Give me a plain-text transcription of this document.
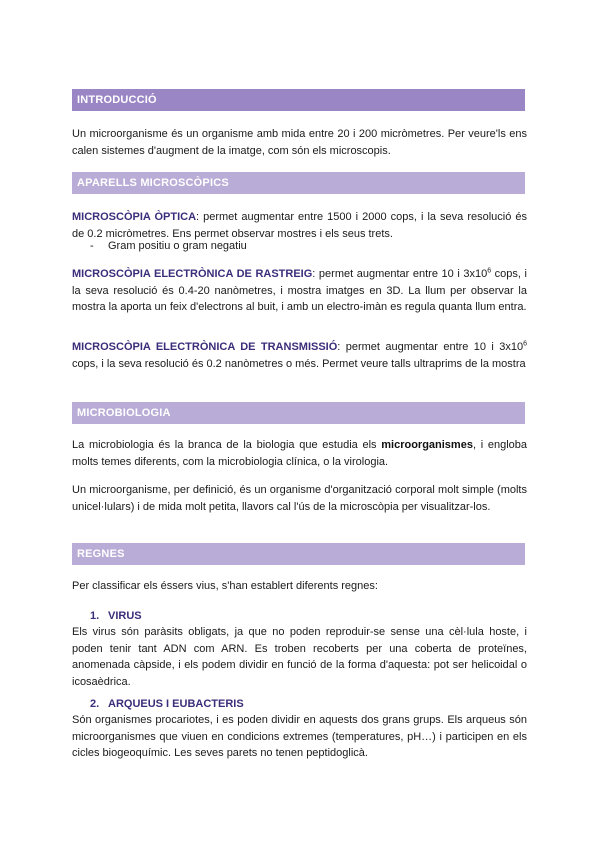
INTRODUCCIÓ

Un microorganisme és un organisme amb mida entre 20 i 200 micròmetres. Per veure'ls ens calen sistemes d'augment de la imatge, com són els microscopis.

APARELLS MICROSCÒPICS

MICROSCÒPIA ÒPTICA: permet augmentar entre 1500 i 2000 cops, i la seva resolució és de 0.2 micròmetres. Ens permet observar mostres i els seus trets.

- Gram positiu o gram negatiu

MICROSCÒPIA ELECTRÒNICA DE RASTREIG: permet augmentar entre 10 i $3x10^6$ cops, i la seva resolució és 0.4-20 nanòmetres, i mostra imatges en 3D. La llum per observar la mostra la aporta un feix d'electrons al buit, i amb un electro-imàn es regula quanta llum entra.

MICROSCÒPIA ELECTRÒNICA DE TRANSMISSIÓ: permet augmentar entre 10 i $3x10^6$ cops, i la seva resolució és 0.2 nanòmetres o més. Permet veure talls ultraprims de la mostra

MICROBIOLOGIA

La microbiologia és la branca de la biologia que estudia els microorganismes, i engloba molts temes diferents, com la microbiologia clínica, o la virologia.

Un microorganisme, per definició, és un organisme d'organització corporal molt simple (molts unicel·lulars) i de mida molt petita, llavors cal l'ús de la microscòpia per visualitzar-los.

REGNES

Per classificar els éssers vius, s'han establert diferents regnes:

1. VIRUS

Els virus són paràsits obligats, ja que no poden reproduir-se sense una cèl·lula hoste, i poden tenir tant ADN com ARN. Es troben recoberts per una coberta de proteïnes, anomenada càpside, i els podem dividir en funció de la forma d'aquesta: pot ser helicoidal o icosaèdrica.

2. ARQUEUS I EUBACTERIS

Són organismes procariotes, i es poden dividir en aquests dos grans grups. Els arqueus són microorganismes que viuen en condicions extremes (temperatures, pH…) i participen en els cicles biogeoquímic. Les seves parets no tenen peptidoglicà.
